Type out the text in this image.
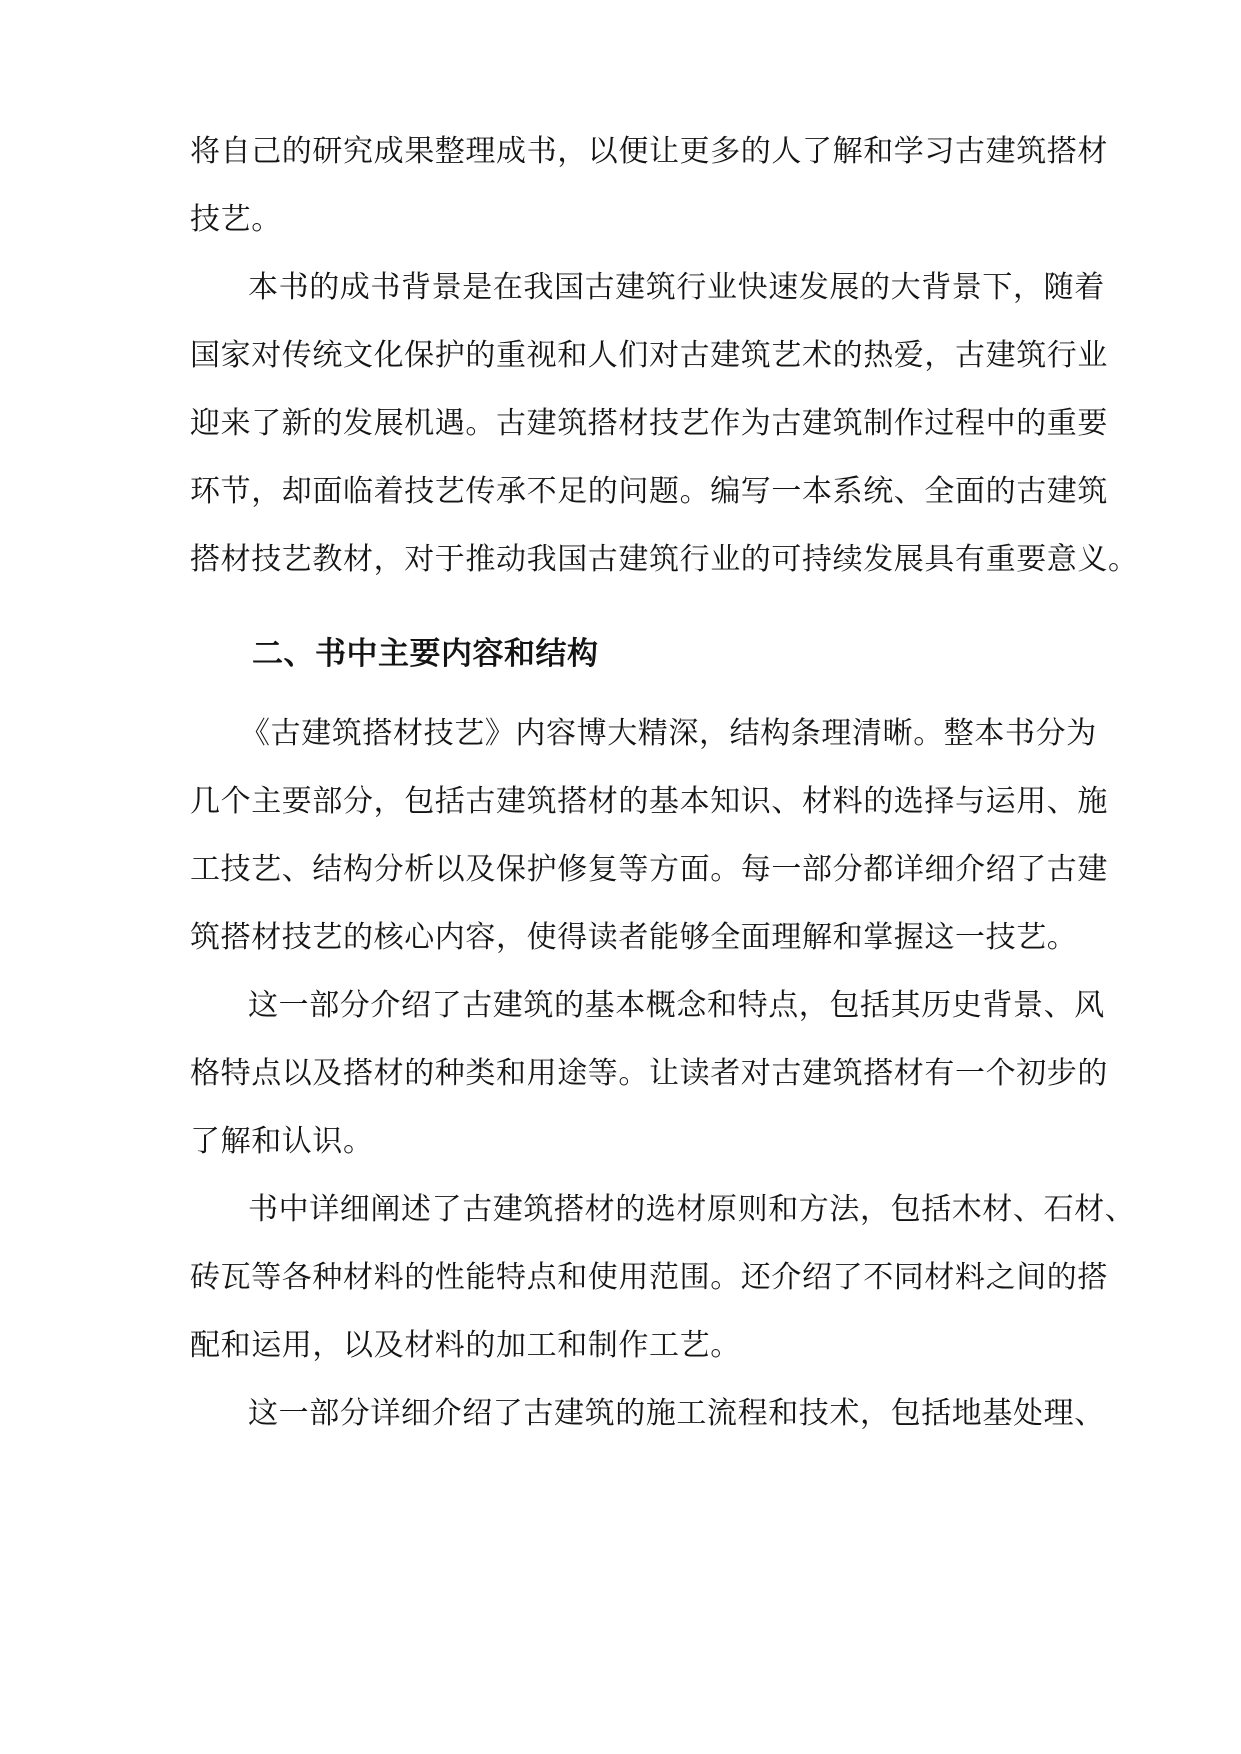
将自己的研究成果整理成书，以便让更多的人了解和学习古建筑搭材
技艺。
本书的成书背景是在我国古建筑行业快速发展的大背景下，随着
国家对传统文化保护的重视和人们对古建筑艺术的热爱，古建筑行业
迎来了新的发展机遇。古建筑搭材技艺作为古建筑制作过程中的重要
环节，却面临着技艺传承不足的问题。编写一本系统、全面的古建筑
搭材技艺教材，对于推动我国古建筑行业的可持续发展具有重要意义。
二、书中主要内容和结构
《古建筑搭材技艺》内容博大精深，结构条理清晰。整本书分为
几个主要部分，包括古建筑搭材的基本知识、材料的选择与运用、施
工技艺、结构分析以及保护修复等方面。每一部分都详细介绍了古建
筑搭材技艺的核心内容，使得读者能够全面理解和掌握这一技艺。
这一部分介绍了古建筑的基本概念和特点，包括其历史背景、风
格特点以及搭材的种类和用途等。让读者对古建筑搭材有一个初步的
了解和认识。
书中详细阐述了古建筑搭材的选材原则和方法，包括木材、石材、
砖瓦等各种材料的性能特点和使用范围。还介绍了不同材料之间的搭
配和运用，以及材料的加工和制作工艺。
这一部分详细介绍了古建筑的施工流程和技术，包括地基处理、
